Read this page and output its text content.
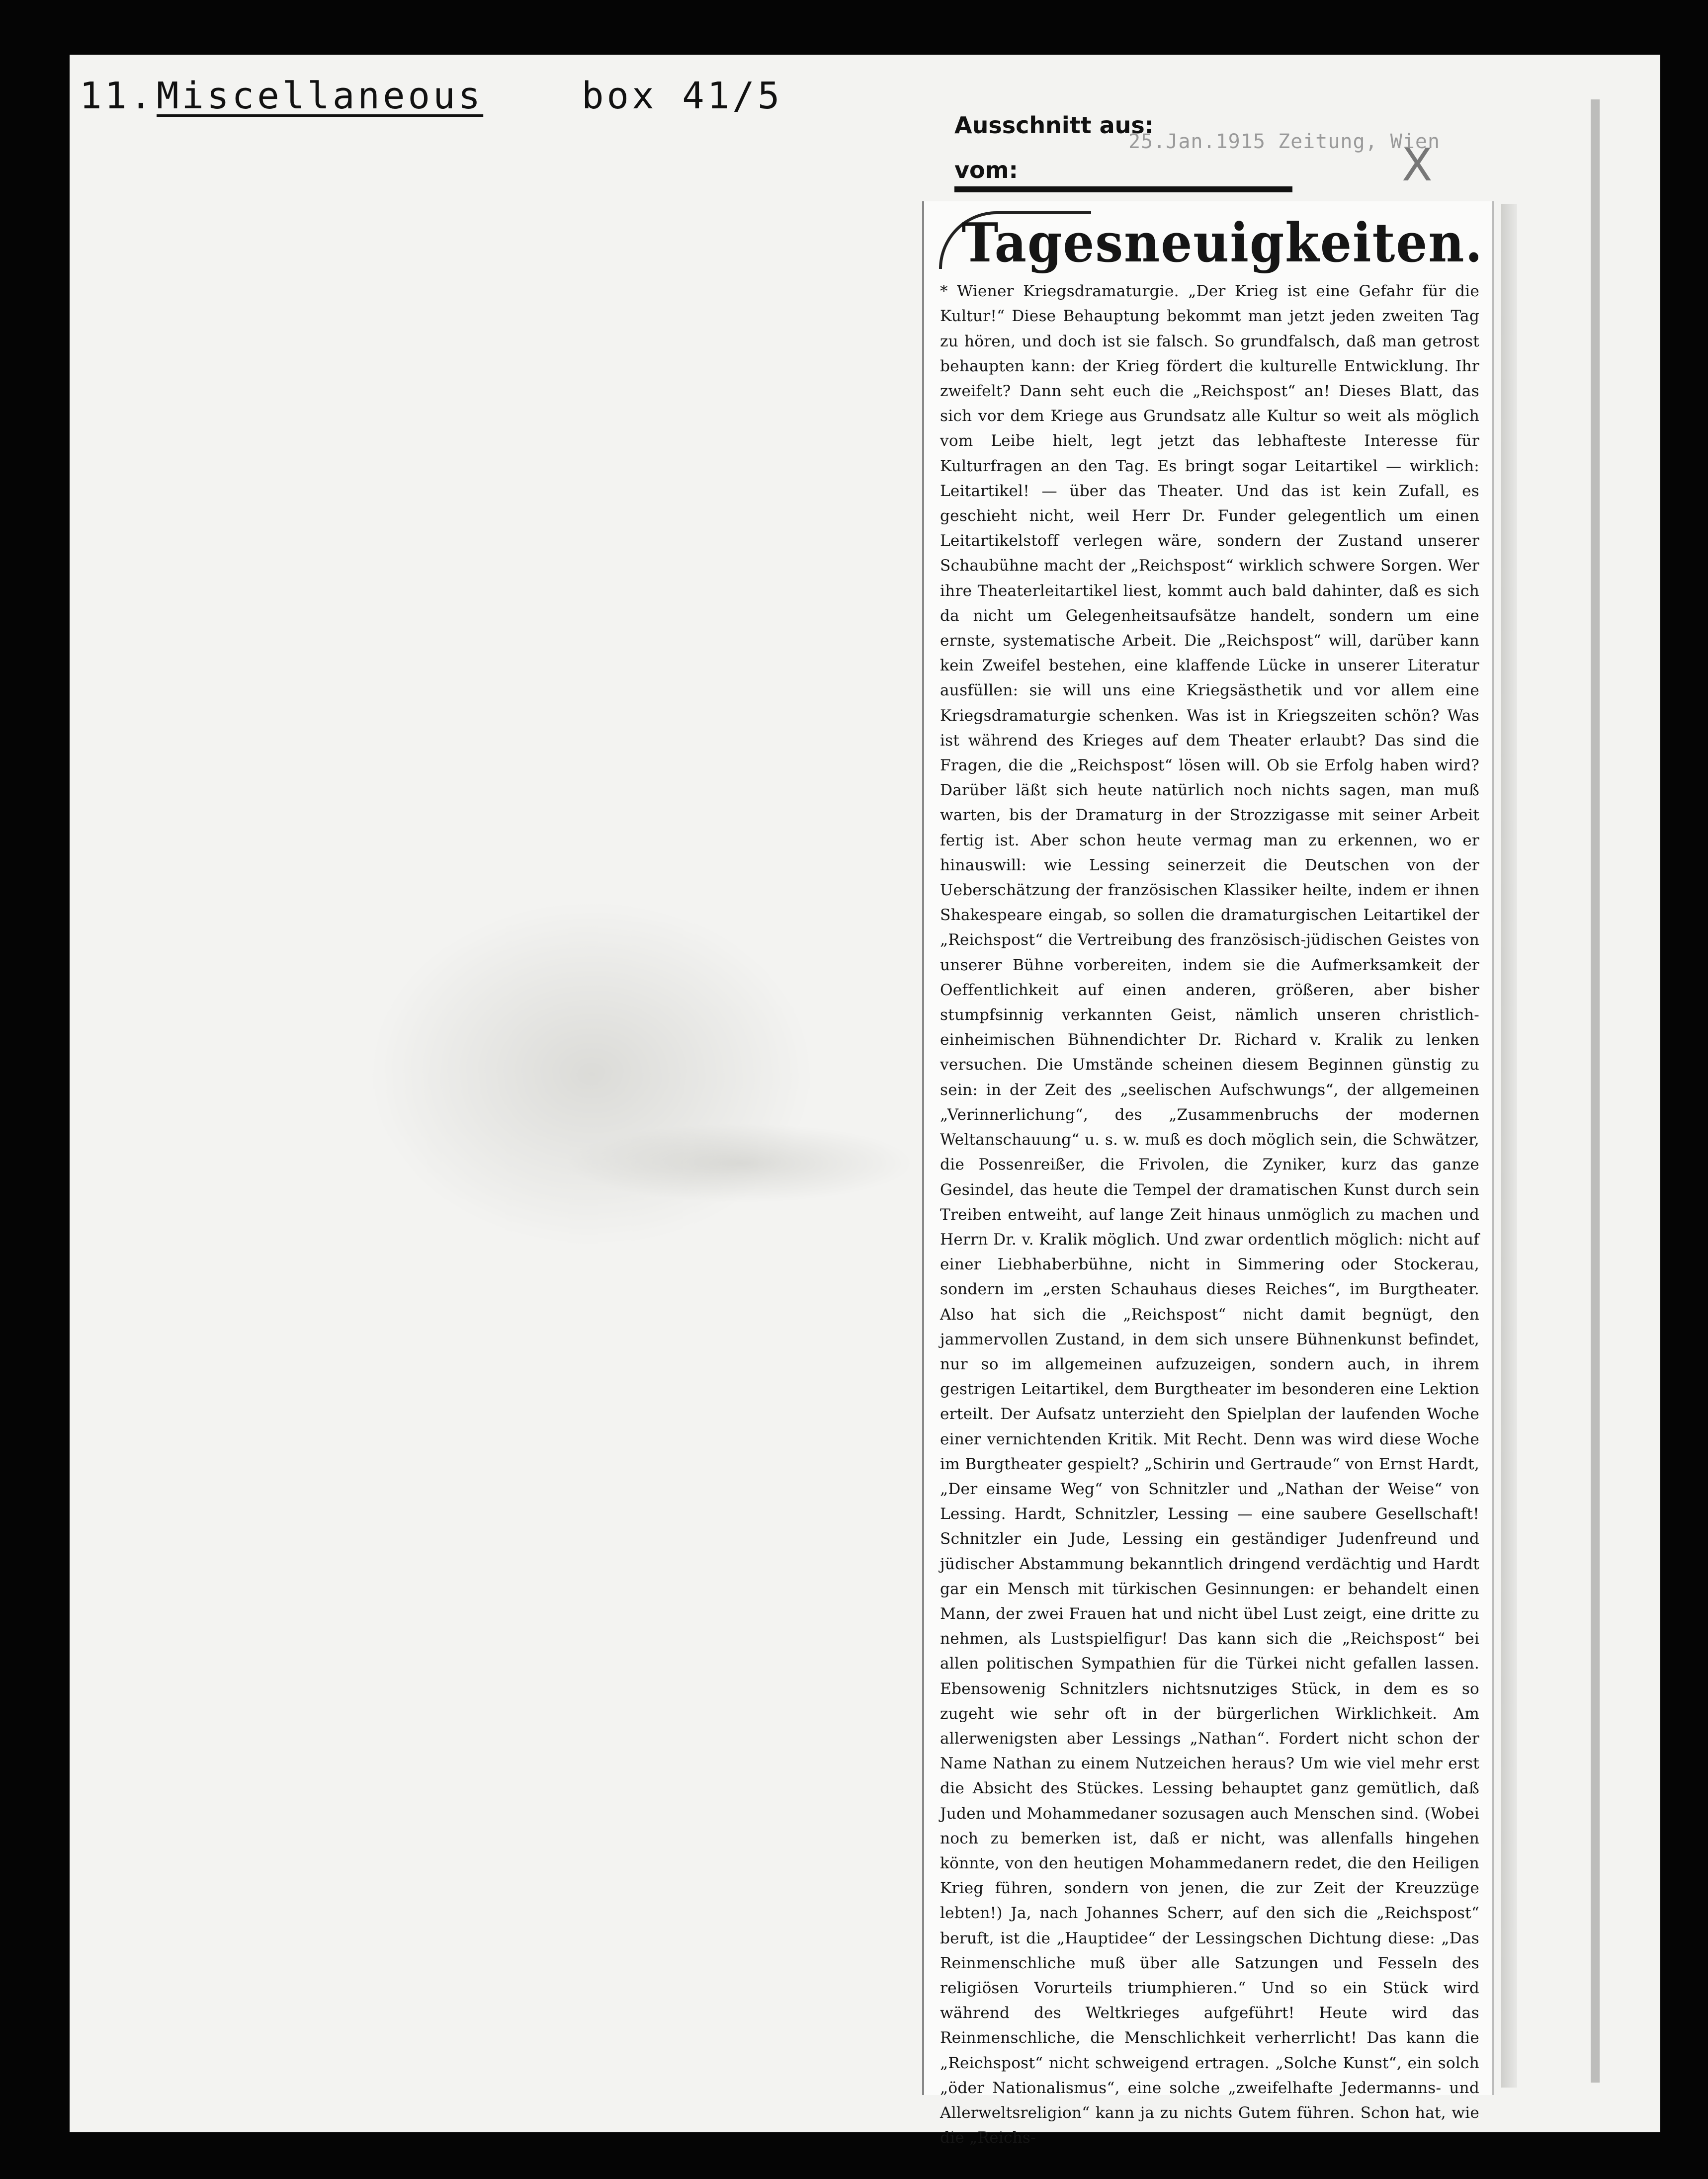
11. Miscellaneous	box 41/5
Ausschnitt aus:
25.Jan.1915 Zeitung, Wien
X
vom:
Tagesneuigkeiten.
* Wiener Kriegsdramaturgie. „Der Krieg ist eine Gefahr für die Kultur!“ Diese Behauptung bekommt man jetzt jeden zweiten Tag zu hören, und doch ist sie falsch. So grundfalsch, daß man getrost behaupten kann: der Krieg fördert die kulturelle Entwicklung. Ihr zweifelt? Dann seht euch die „Reichspost“ an! Dieses Blatt, das sich vor dem Kriege aus Grundsatz alle Kultur so weit als möglich vom Leibe hielt, legt jetzt das lebhafteste Interesse für Kulturfragen an den Tag. Es bringt sogar Leitartikel — wirklich: Leitartikel! — über das Theater. Und das ist kein Zufall, es geschieht nicht, weil Herr Dr. Funder gelegentlich um einen Leitartikelstoff verlegen wäre, sondern der Zustand unserer Schaubühne macht der „Reichspost“ wirklich schwere Sorgen. Wer ihre Theaterleitartikel liest, kommt auch bald dahinter, daß es sich da nicht um Gelegenheitsaufsätze handelt, sondern um eine ernste, systematische Arbeit. Die „Reichspost“ will, darüber kann kein Zweifel bestehen, eine klaffende Lücke in unserer Literatur ausfüllen: sie will uns eine Kriegsästhetik und vor allem eine Kriegsdramaturgie schenken. Was ist in Kriegszeiten schön? Was ist während des Krieges auf dem Theater erlaubt? Das sind die Fragen, die die „Reichspost“ lösen will. Ob sie Erfolg haben wird? Darüber läßt sich heute natürlich noch nichts sagen, man muß warten, bis der Dramaturg in der Strozzigasse mit seiner Arbeit fertig ist. Aber schon heute vermag man zu erkennen, wo er hinauswill: wie Lessing seinerzeit die Deutschen von der Ueberschätzung der französischen Klassiker heilte, indem er ihnen Shakespeare eingab, so sollen die dramaturgischen Leitartikel der „Reichspost“ die Vertreibung des französisch-jüdischen Geistes von unserer Bühne vorbereiten, indem sie die Aufmerksamkeit der Oeffentlichkeit auf einen anderen, größeren, aber bisher stumpfsinnig verkannten Geist, nämlich unseren christlich-einheimischen Bühnendichter Dr. Richard v. Kralik zu lenken versuchen. Die Umstände scheinen diesem Beginnen günstig zu sein: in der Zeit des „seelischen Aufschwungs“, der allgemeinen „Verinnerlichung“, des „Zusammenbruchs der modernen Weltanschauung“ u. s. w. muß es doch möglich sein, die Schwätzer, die Possenreißer, die Frivolen, die Zyniker, kurz das ganze Gesindel, das heute die Tempel der dramatischen Kunst durch sein Treiben entweiht, auf lange Zeit hinaus unmöglich zu machen und Herrn Dr. v. Kralik möglich. Und zwar ordentlich möglich: nicht auf einer Liebhaberbühne, nicht in Simmering oder Stockerau, sondern im „ersten Schauhaus dieses Reiches“, im Burgtheater. Also hat sich die „Reichspost“ nicht damit begnügt, den jammervollen Zustand, in dem sich unsere Bühnenkunst befindet, nur so im allgemeinen aufzuzeigen, sondern auch, in ihrem gestrigen Leitartikel, dem Burgtheater im besonderen eine Lektion erteilt. Der Aufsatz unterzieht den Spielplan der laufenden Woche einer vernichtenden Kritik. Mit Recht. Denn was wird diese Woche im Burgtheater gespielt? „Schirin und Gertraude“ von Ernst Hardt, „Der einsame Weg“ von Schnitzler und „Nathan der Weise“ von Lessing. Hardt, Schnitzler, Lessing — eine saubere Gesellschaft! Schnitzler ein Jude, Lessing ein geständiger Judenfreund und jüdischer Abstammung bekanntlich dringend verdächtig und Hardt gar ein Mensch mit türkischen Gesinnungen: er behandelt einen Mann, der zwei Frauen hat und nicht übel Lust zeigt, eine dritte zu nehmen, als Lustspielfigur! Das kann sich die „Reichspost“ bei allen politischen Sympathien für die Türkei nicht gefallen lassen. Ebensowenig Schnitzlers nichtsnutziges Stück, in dem es so zugeht wie sehr oft in der bürgerlichen Wirklichkeit. Am allerwenigsten aber Lessings „Nathan“. Fordert nicht schon der Name Nathan zu einem Nutzeichen heraus? Um wie viel mehr erst die Absicht des Stückes. Lessing behauptet ganz gemütlich, daß Juden und Mohammedaner sozusagen auch Menschen sind. (Wobei noch zu bemerken ist, daß er nicht, was allenfalls hingehen könnte, von den heutigen Mohammedanern redet, die den Heiligen Krieg führen, sondern von jenen, die zur Zeit der Kreuzzüge lebten!) Ja, nach Johannes Scherr, auf den sich die „Reichspost“ beruft, ist die „Hauptidee“ der Lessingschen Dichtung diese: „Das Reinmenschliche muß über alle Satzungen und Fesseln des religiösen Vorurteils triumphieren.“ Und so ein Stück wird während des Weltkrieges aufgeführt! Heute wird das Reinmenschliche, die Menschlichkeit verherrlicht! Das kann die „Reichspost“ nicht schweigend ertragen. „Solche Kunst“, ein solch „öder Nationalismus“, eine solche „zweifelhafte Jedermanns- und Allerweltsreligion“ kann ja zu nichts Gutem führen. Schon hat, wie die „Reichs-
